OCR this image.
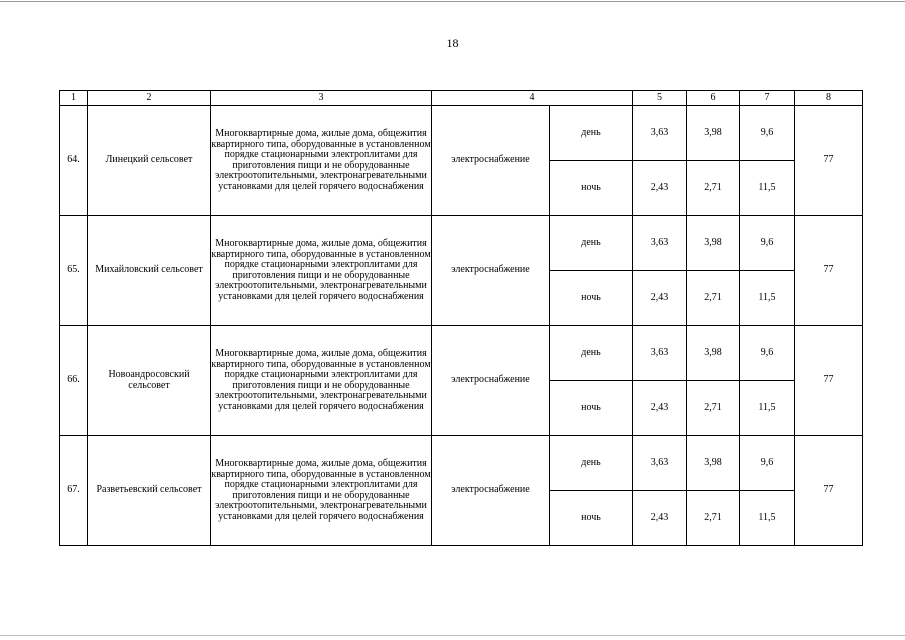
18
1	2	3	4		5	6	7	8
64.	Линецкий сельсовет	Многоквартирные дома, жилые дома, общежития квартирного типа, оборудованные в установленном порядке стационарными электроплитами для приготовления пищи и не оборудованные электроотопительными, электронагревательными установками для целей горячего водоснабжения	электроснабжение	день	3,63	3,98	9,6	77
				ночь	2,43	2,71	11,5	
65.	Михайловский сельсовет	Многоквартирные дома, жилые дома, общежития квартирного типа, оборудованные в установленном порядке стационарными электроплитами для приготовления пищи и не оборудованные электроотопительными, электронагревательными установками для целей горячего водоснабжения	электроснабжение	день	3,63	3,98	9,6	77
				ночь	2,43	2,71	11,5	
66.	Новоандросовский сельсовет	Многоквартирные дома, жилые дома, общежития квартирного типа, оборудованные в установленном порядке стационарными электроплитами для приготовления пищи и не оборудованные электроотопительными, электронагревательными установками для целей горячего водоснабжения	электроснабжение	день	3,63	3,98	9,6	77
				ночь	2,43	2,71	11,5	
67.	Разветьевский сельсовет	Многоквартирные дома, жилые дома, общежития квартирного типа, оборудованные в установленном порядке стационарными электроплитами для приготовления пищи и не оборудованные электроотопительными, электронагревательными установками для целей горячего водоснабжения	электроснабжение	день	3,63	3,98	9,6	77
				ночь	2,43	2,71	11,5	
